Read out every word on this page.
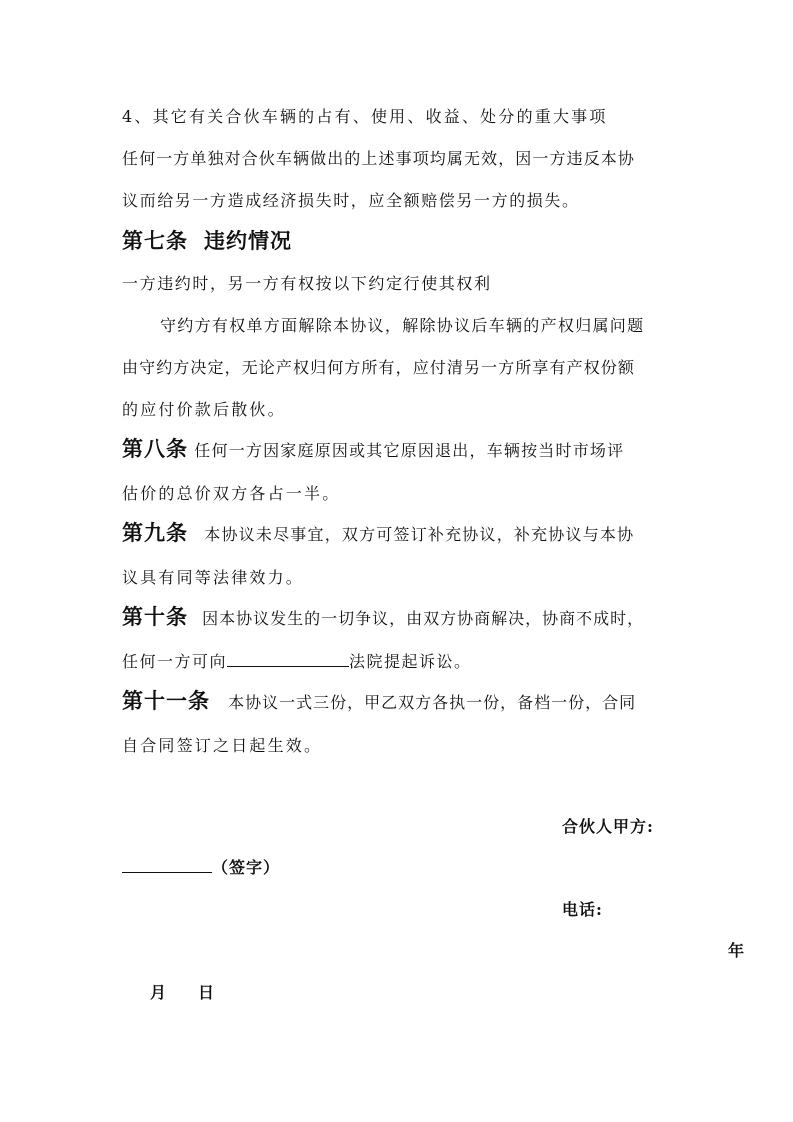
4、其它有关合伙车辆的占有、使用、收益、处分的重大事项
任何一方单独对合伙车辆做出的上述事项均属无效，因一方违反本协
议而给另一方造成经济损失时，应全额赔偿另一方的损失。
第七条 违约情况
一方违约时，另一方有权按以下约定行使其权利
守约方有权单方面解除本协议，解除协议后车辆的产权归属问题
由守约方决定，无论产权归何方所有，应付清另一方所享有产权份额
的应付价款后散伙。
第八条 任何一方因家庭原因或其它原因退出，车辆按当时市场评
估价的总价双方各占一半。
第九条 本协议未尽事宜，双方可签订补充协议，补充协议与本协
议具有同等法律效力。
第十条 因本协议发生的一切争议，由双方协商解决，协商不成时，
任何一方可向	法院提起诉讼。
第十一条 本协议一式三份，甲乙双方各执一份，备档一份，合同
自合同签订之日起生效。
合伙人甲方:
（签字）
电话:
年
月 日
